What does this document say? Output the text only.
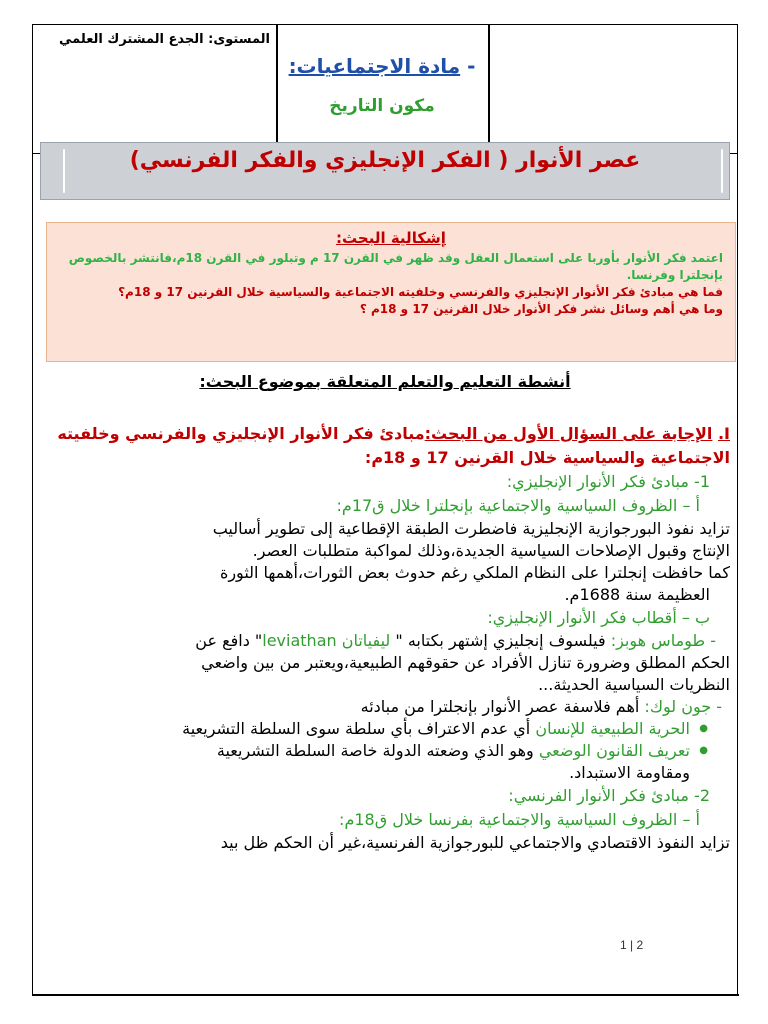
المستوى: الجدع المشترك العلمي
- مادة الاجتماعيات:
مكون التاريخ
عصر الأنوار ( الفكر الإنجليزي والفكر الفرنسي)
إشكالية البحث:
اعتمد فكر الأنوار بأوربا على استعمال العقل وقد ظهر في القرن 17 م وتبلور في القرن 18م،فانتشر بالخصوص
بإنجلترا وفرنسا.
فما هي مبادئ فكر الأنوار الإنجليزي والفرنسي وخلفيته الاجتماعية والسياسية خلال القرنين 17 و 18م؟
وما هي أهم وسائل نشر فكر الأنوار خلال القرنين 17 و 18م ؟
أنشطة التعليم والتعلم المتعلقة بموضوع البحث:
I. الإجابة على السؤال الأول من البحث:مبادئ فكر الأنوار الإنجليزي والفرنسي وخلفيته
الاجتماعية والسياسية خلال القرنين 17 و 18م:
1- مبادئ فكر الأنوار الإنجليزي:
أ – الظروف السياسية والاجتماعية بإنجلترا خلال ق17م:
تزايد نفوذ البورجوازية الإنجليزية فاضطرت الطبقة الإقطاعية إلى تطوير أساليب
الإنتاج وقبول الإصلاحات السياسية الجديدة،وذلك لمواكبة متطلبات العصر.
كما حافظت إنجلترا على النظام الملكي رغم حدوث بعض الثورات،أهمها الثورة
العظيمة سنة 1688م.
ب – أقطاب فكر الأنوار الإنجليزي:
- طوماس هوبز: فيلسوف إنجليزي إشتهر بكتابه " ليفياتان leviathan" دافع عن
الحكم المطلق وضرورة تنازل الأفراد عن حقوقهم الطبيعية،ويعتبر من بين واضعي
النظريات السياسية الحديثة...
- جون لوك: أهم فلاسفة عصر الأنوار بإنجلترا من مبادئه
● الحرية الطبيعية للإنسان أي عدم الاعتراف بأي سلطة سوى السلطة التشريعية
● تعريف القانون الوضعي وهو الذي وضعته الدولة خاصة السلطة التشريعية
ومقاومة الاستبداد.
2- مبادئ فكر الأنوار الفرنسي:
أ – الظروف السياسية والاجتماعية بفرنسا خلال ق18م:
تزايد النفوذ الاقتصادي والاجتماعي للبورجوازية الفرنسية،غير أن الحكم ظل بيد
1 | 2
